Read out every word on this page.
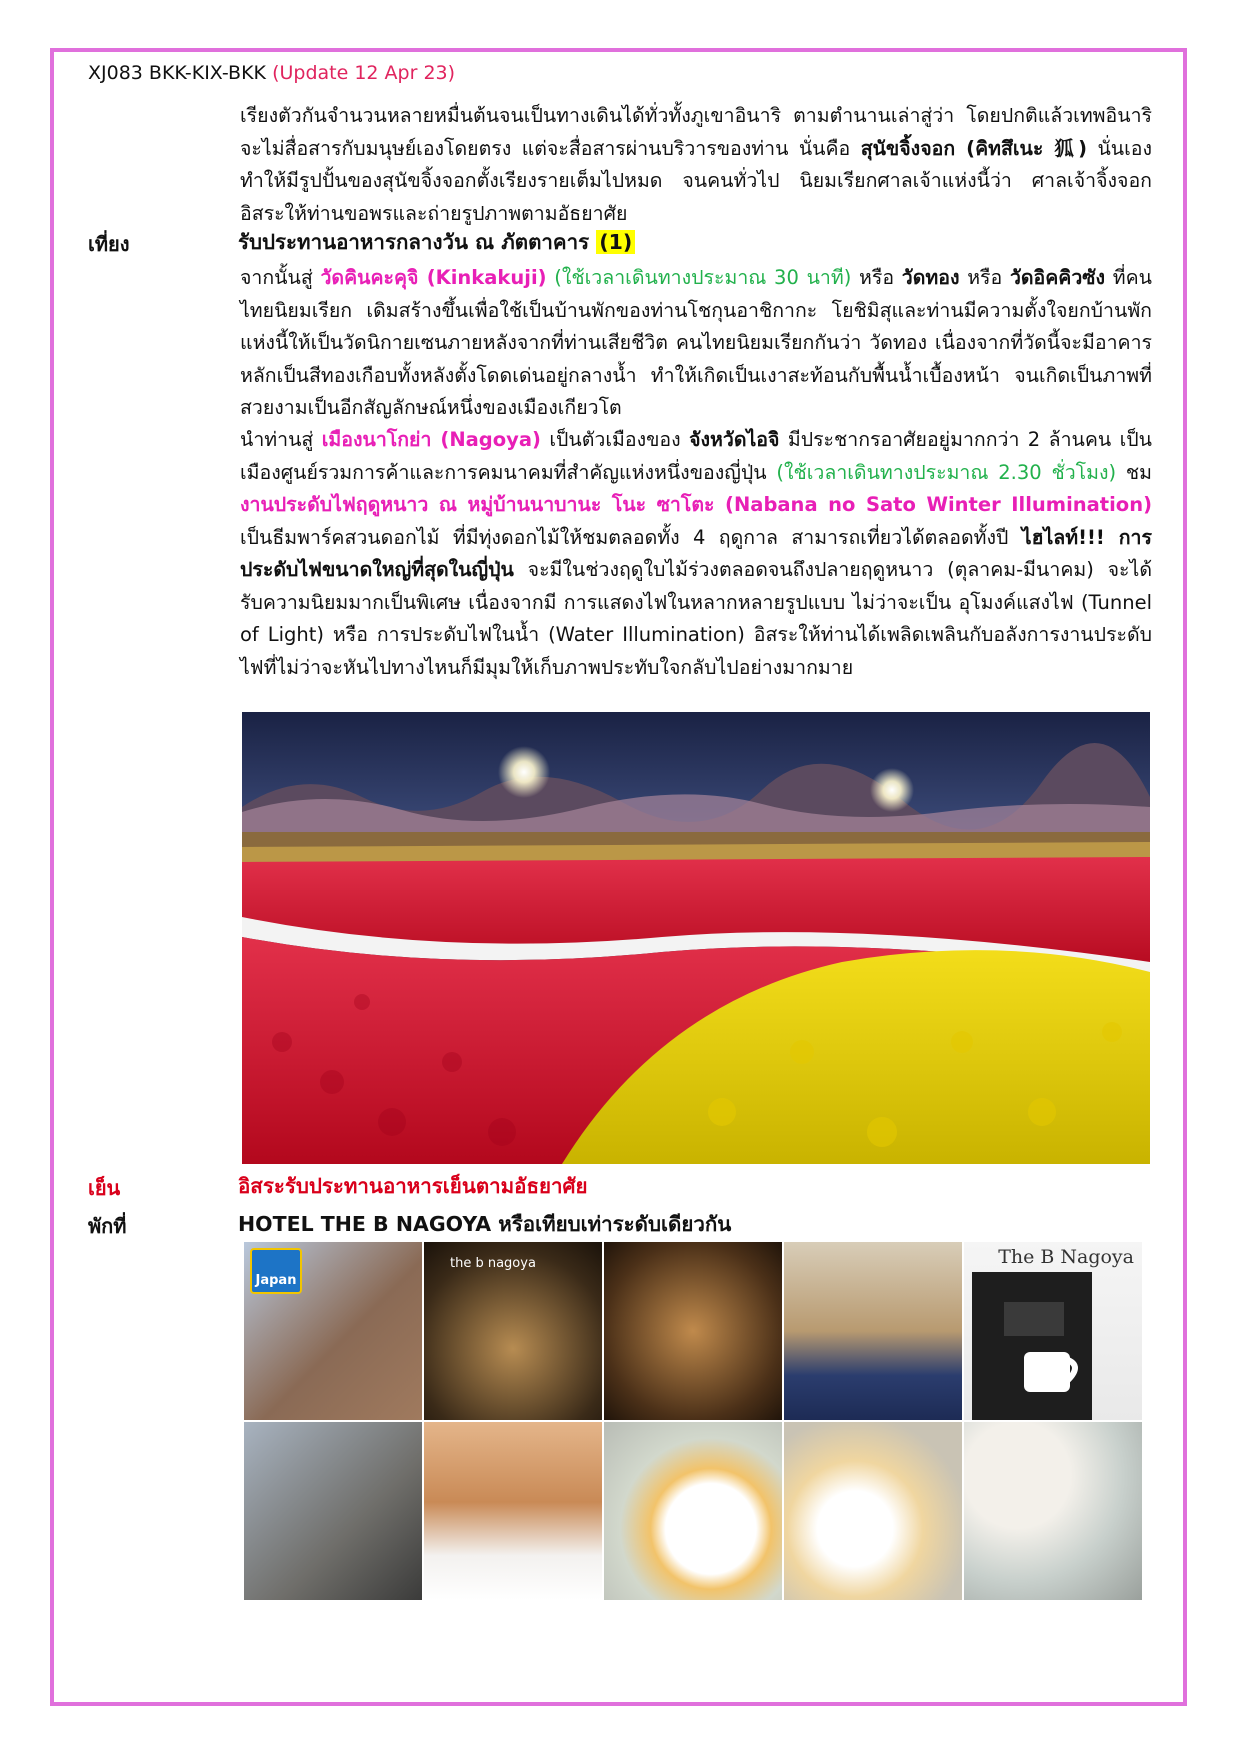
XJ083 BKK-KIX-BKK (Update 12 Apr 23)
เรียงตัวกันจำนวนหลายหมื่นต้นจนเป็นทางเดินได้ทั่วทั้งภูเขาอินาริ ตามตำนานเล่าสู่ว่า โดยปกติแล้วเทพอินาริจะไม่สื่อสารกับมนุษย์เองโดยตรง แต่จะสื่อสารผ่านบริวารของท่าน นั่นคือ สุนัขจิ้งจอก (คิทสึเนะ 狐) นั่นเอง ทำให้มีรูปปั้นของสุนัขจิ้งจอกตั้งเรียงรายเต็มไปหมด จนคนทั่วไป นิยมเรียกศาลเจ้าแห่งนี้ว่า ศาลเจ้าจิ้งจอก อิสระให้ท่านขอพรและถ่ายรูปภาพตามอัธยาศัย
เที่ยง	รับประทานอาหารกลางวัน ณ ภัตตาคาร (1)
จากนั้นสู่ วัดคินคะคุจิ (Kinkakuji) (ใช้เวลาเดินทางประมาณ 30 นาที) หรือ วัดทอง หรือ วัดอิคคิวซัง ที่คนไทยนิยมเรียก เดิมสร้างขึ้นเพื่อใช้เป็นบ้านพักของท่านโชกุนอาชิกากะ โยชิมิสุและท่านมีความตั้งใจยกบ้านพักแห่งนี้ให้เป็นวัดนิกายเซนภายหลังจากที่ท่านเสียชีวิต คนไทยนิยมเรียกกันว่า วัดทอง เนื่องจากที่วัดนี้จะมีอาคารหลักเป็นสีทองเกือบทั้งหลังตั้งโดดเด่นอยู่กลางน้ำ ทำให้เกิดเป็นเงาสะท้อนกับพื้นน้ำเบื้องหน้า จนเกิดเป็นภาพที่สวยงามเป็นอีกสัญลักษณ์หนึ่งของเมืองเกียวโต
นำท่านสู่ เมืองนาโกย่า (Nagoya) เป็นตัวเมืองของ จังหวัดไอจิ มีประชากรอาศัยอยู่มากกว่า 2 ล้านคน เป็นเมืองศูนย์รวมการค้าและการคมนาคมที่สำคัญแห่งหนึ่งของญี่ปุ่น (ใช้เวลาเดินทางประมาณ 2.30 ชั่วโมง) ชม งานประดับไฟฤดูหนาว ณ หมู่บ้านนาบานะ โนะ ซาโตะ (Nabana no Sato Winter Illumination) เป็นธีมพาร์คสวนดอกไม้ ที่มีทุ่งดอกไม้ให้ชมตลอดทั้ง 4 ฤดูกาล สามารถเที่ยวได้ตลอดทั้งปี ไฮไลท์!!! การประดับไฟขนาดใหญ่ที่สุดในญี่ปุ่น จะมีในช่วงฤดูใบไม้ร่วงตลอดจนถึงปลายฤดูหนาว (ตุลาคม-มีนาคม) จะได้รับความนิยมมากเป็นพิเศษ เนื่องจากมี การแสดงไฟในหลากหลายรูปแบบ ไม่ว่าจะเป็น อุโมงค์แสงไฟ (Tunnel of Light) หรือ การประดับไฟในน้ำ (Water Illumination) อิสระให้ท่านได้เพลิดเพลินกับอลังการงานประดับไฟที่ไม่ว่าจะหันไปทางไหนก็มีมุมให้เก็บภาพประทับใจกลับไปอย่างมากมาย
เย็น	อิสระรับประทานอาหารเย็นตามอัธยาศัย
พักที่	HOTEL THE B NAGOYA หรือเทียบเท่าระดับเดียวกัน
Japan
the b nagoya	The B Nagoya
